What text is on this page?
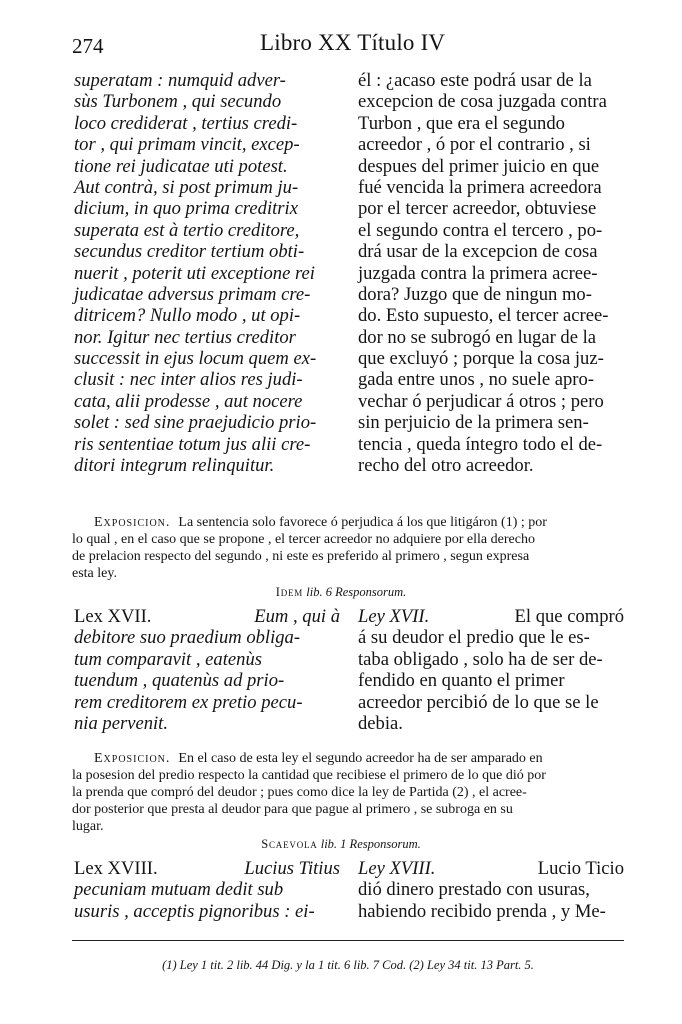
274	Libro XX Título IV
superatam : numquid adver-
sùs Turbonem , qui secundo
loco crediderat , tertius credi-
tor , qui primam vincit, excep-
tione rei judicatae uti potest.
Aut contrà, si post primum ju-
dicium, in quo prima creditrix
superata est à tertio creditore,
secundus creditor tertium obti-
nuerit , poterit uti exceptione rei
judicatae adversus primam cre-
ditricem? Nullo modo , ut opi-
nor. Igitur nec tertius creditor
successit in ejus locum quem ex-
clusit : nec inter alios res judi-
cata, alii prodesse , aut nocere
solet : sed sine praejudicio prio-
ris sententiae totum jus alii cre-
ditori integrum relinquitur.
él : ¿acaso este podrá usar de la
excepcion de cosa juzgada contra
Turbon , que era el segundo
acreedor , ó por el contrario , si
despues del primer juicio en que
fué vencida la primera acreedora
por el tercer acreedor, obtuviese
el segundo contra el tercero , po-
drá usar de la excepcion de cosa
juzgada contra la primera acree-
dora? Juzgo que de ningun mo-
do. Esto supuesto, el tercer acree-
dor no se subrogó en lugar de la
que excluyó ; porque la cosa juz-
gada entre unos , no suele apro-
vechar ó perjudicar á otros ; pero
sin perjuicio de la primera sen-
tencia , queda íntegro todo el de-
recho del otro acreedor.
Exposicion. La sentencia solo favorece ó perjudica á los que litigáron (1) ; por
lo qual , en el caso que se propone , el tercer acreedor no adquiere por ella derecho
de prelacion respecto del segundo , ni este es preferido al primero , segun expresa
esta ley.
Idem lib. 6 Responsorum.
Lex XVII.	Eum , qui à
debitore suo praedium obliga-
tum comparavit , eatenùs
tuendum , quatenùs ad prio-
rem creditorem ex pretio pecu-
nia pervenit.
Ley XVII.	El que compró
á su deudor el predio que le es-
taba obligado , solo ha de ser de-
fendido en quanto el primer
acreedor percibió de lo que se le
debia.
Exposicion. En el caso de esta ley el segundo acreedor ha de ser amparado en
la posesion del predio respecto la cantidad que recibiese el primero de lo que dió por
la prenda que compró del deudor ; pues como dice la ley de Partida (2) , el acree-
dor posterior que presta al deudor para que pague al primero , se subroga en su
lugar.
Scaevola lib. 1 Responsorum.
Lex XVIII.	Lucius Titius
pecuniam mutuam dedit sub
usuris , acceptis pignoribus : ei-
Ley XVIII.	Lucio Ticio
dió dinero prestado con usuras,
habiendo recibido prenda , y Me-
(1) Ley 1 tit. 2 lib. 44 Dig. y la 1 tit. 6 lib. 7 Cod. (2) Ley 34 tit. 13 Part. 5.
